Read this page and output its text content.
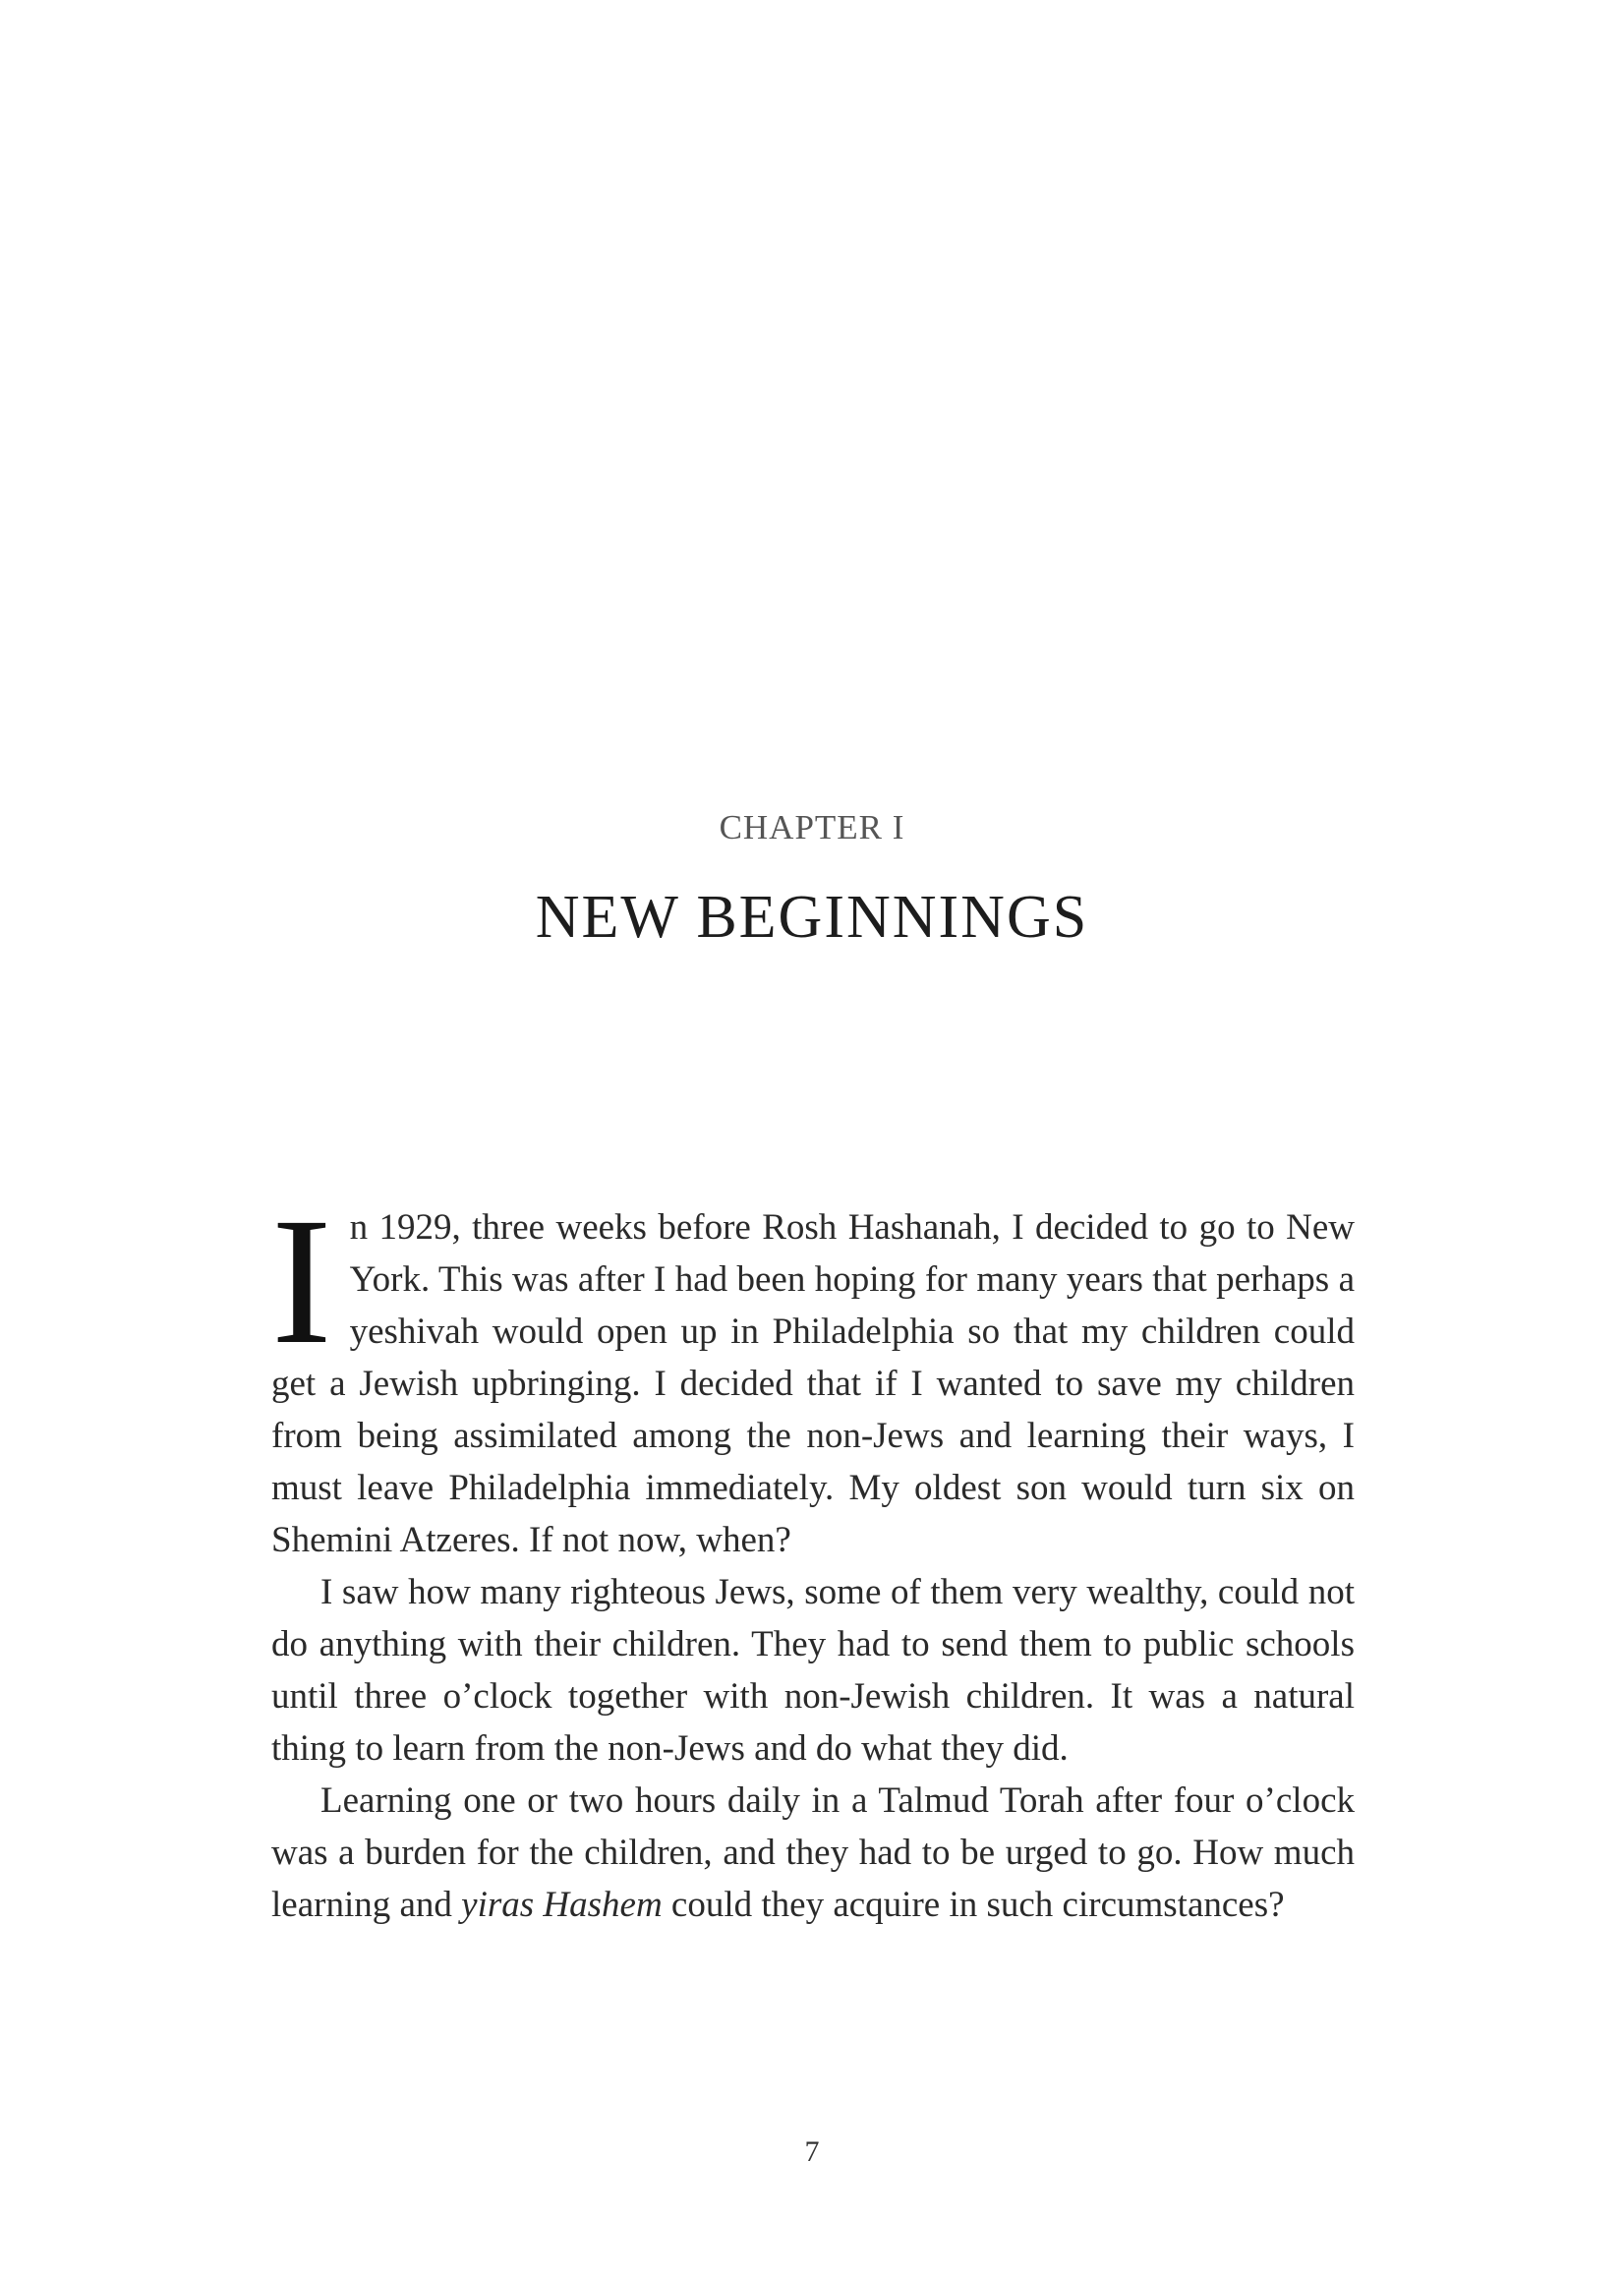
CHAPTER I
NEW BEGINNINGS

In 1929, three weeks before Rosh Hashanah, I decided to go to New York. This was after I had been hoping for many years that perhaps a yeshivah would open up in Philadelphia so that my children could get a Jewish upbringing. I decided that if I wanted to save my children from being assimilated among the non-Jews and learning their ways, I must leave Philadelphia immediately. My oldest son would turn six on Shemini Atzeres. If not now, when?

I saw how many righteous Jews, some of them very wealthy, could not do anything with their children. They had to send them to public schools until three o’clock together with non-Jewish children. It was a natural thing to learn from the non-Jews and do what they did.

Learning one or two hours daily in a Talmud Torah after four o’clock was a burden for the children, and they had to be urged to go. How much learning and yiras Hashem could they acquire in such circumstances?

7
